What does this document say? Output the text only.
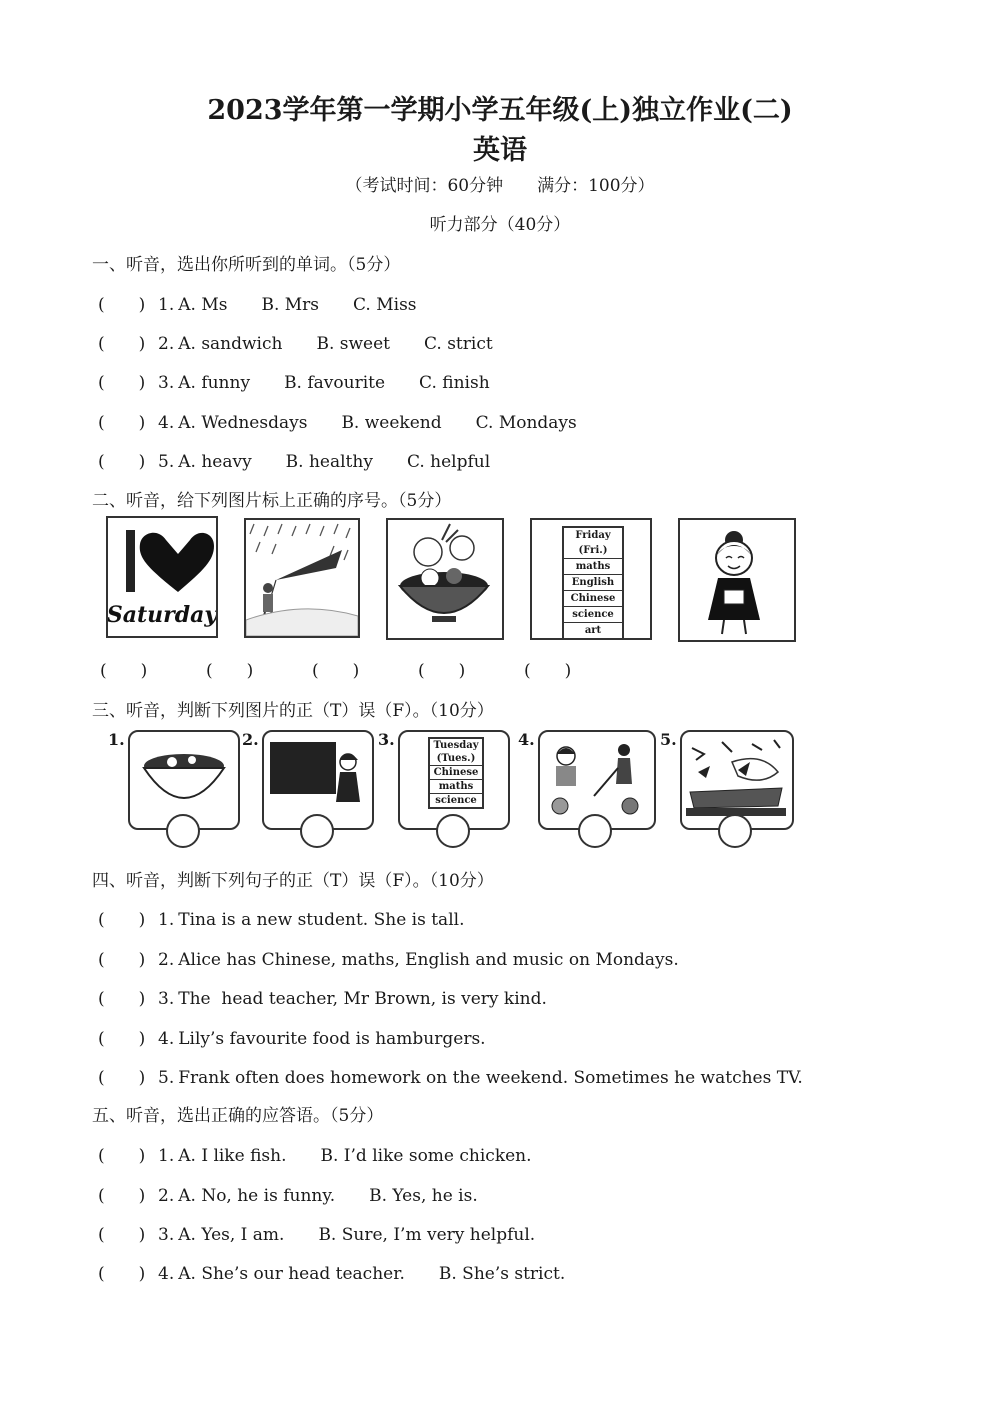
2023学年第一学期小学五年级(上)独立作业(二)
英语
（考试时间：60分钟　　满分：100分）
听力部分（40分）
一、听音，选出你所听到的单词。（5分）
(　　) 1. A. Ms B. Mrs C. Miss
(　　) 2. A. sandwich B. sweet C. strict
(　　) 3. A. funny B. favourite C. finish
(　　) 4. A. Wednesdays B. weekend C. Mondays
(　　) 5. A. heavy B. healthy C. helpful
二、听音，给下列图片标上正确的序号。（5分）
Saturday
Friday
(Fri.)
maths
English
Chinese
science
art
(　　)	(　　)	(　　)	(　　)	(　　)
三、听音，判断下列图片的正（T）误（F）。（10分）
1.	2.	3.	Tuesday
(Tues.)
Chinese
maths
science
4.	5.
四、听音，判断下列句子的正（T）误（F）。（10分）
(　　) 1. Tina is a new student. She is tall.
(　　) 2. Alice has Chinese, maths, English and music on Mondays.
(　　) 3. The  head teacher, Mr Brown, is very kind.
(　　) 4. Lily’s favourite food is hamburgers.
(　　) 5. Frank often does homework on the weekend. Sometimes he watches TV.
五、听音，选出正确的应答语。（5分）
(　　) 1. A. I like fish. B. I’d like some chicken.
(　　) 2. A. No, he is funny. B. Yes, he is.
(　　) 3. A. Yes, I am. B. Sure, I’m very helpful.
(　　) 4. A. She’s our head teacher. B. She’s strict.
